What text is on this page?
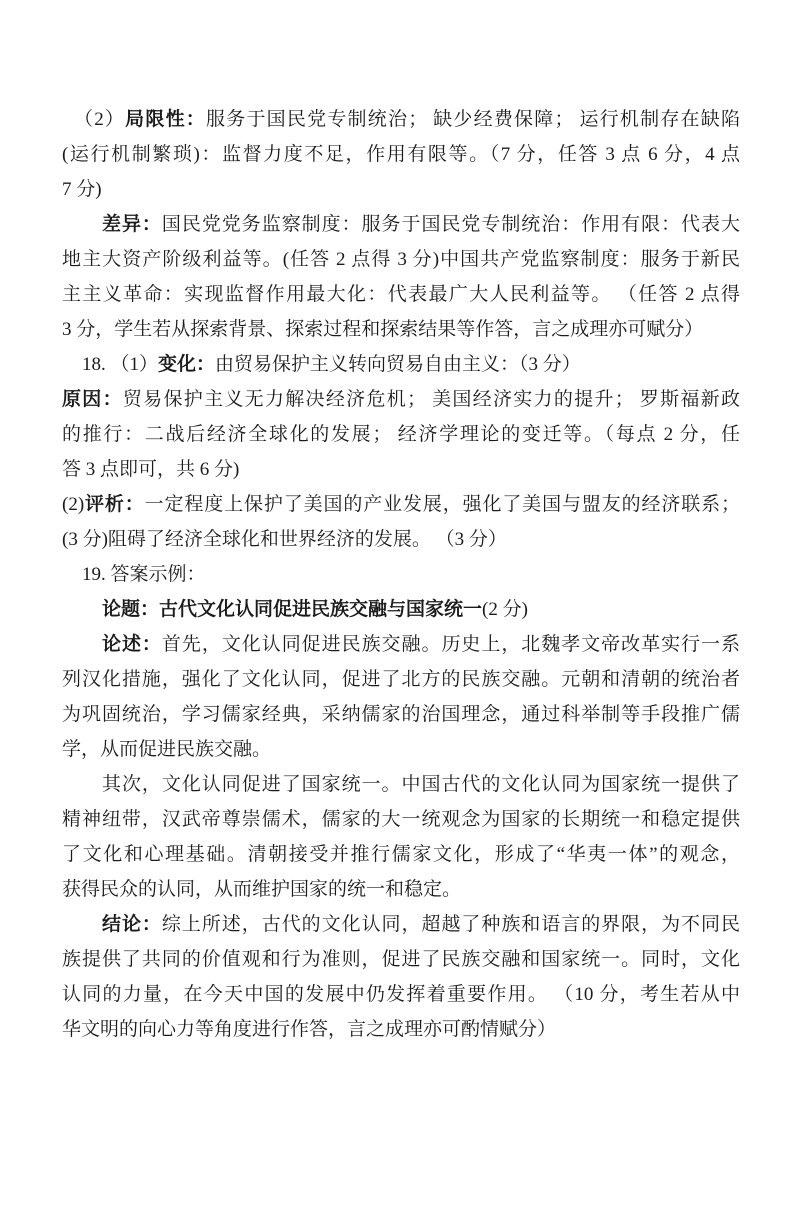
（2）局限性：服务于国民党专制统治； 缺少经费保障； 运行机制存在缺陷
(运行机制繁琐)：监督力度不足，作用有限等。（7 分，任答 3 点 6 分，4 点
7 分)
差异：国民党党务监察制度：服务于国民党专制统治：作用有限：代表大
地主大资产阶级利益等。(任答 2 点得 3 分)中国共产党监察制度：服务于新民
主主义革命：实现监督作用最大化：代表最广大人民利益等。 （任答 2 点得
3 分，学生若从探索背景、探索过程和探索结果等作答，言之成理亦可赋分）
18. （1）变化：由贸易保护主义转向贸易自由主义：（3 分）
原因：贸易保护主义无力解决经济危机； 美国经济实力的提升； 罗斯福新政
的推行：二战后经济全球化的发展； 经济学理论的变迁等。（每点 2 分，任
答 3 点即可，共 6 分)
(2)评析：一定程度上保护了美国的产业发展，强化了美国与盟友的经济联系；
(3 分)阻碍了经济全球化和世界经济的发展。 （3 分）
19. 答案示例：
论题：古代文化认同促进民族交融与国家统一(2 分)
论述：首先，文化认同促进民族交融。历史上，北魏孝文帝改革实行一系
列汉化措施，强化了文化认同，促进了北方的民族交融。元朝和清朝的统治者
为巩固统治，学习儒家经典，采纳儒家的治国理念，通过科举制等手段推广儒
学，从而促进民族交融。
其次，文化认同促进了国家统一。中国古代的文化认同为国家统一提供了
精神纽带，汉武帝尊崇儒术，儒家的大一统观念为国家的长期统一和稳定提供
了文化和心理基础。清朝接受并推行儒家文化，形成了“华夷一体”的观念，
获得民众的认同，从而维护国家的统一和稳定。
结论：综上所述，古代的文化认同，超越了种族和语言的界限，为不同民
族提供了共同的价值观和行为准则，促进了民族交融和国家统一。同时，文化
认同的力量，在今天中国的发展中仍发挥着重要作用。 （10 分，考生若从中
华文明的向心力等角度进行作答，言之成理亦可酌情赋分）
